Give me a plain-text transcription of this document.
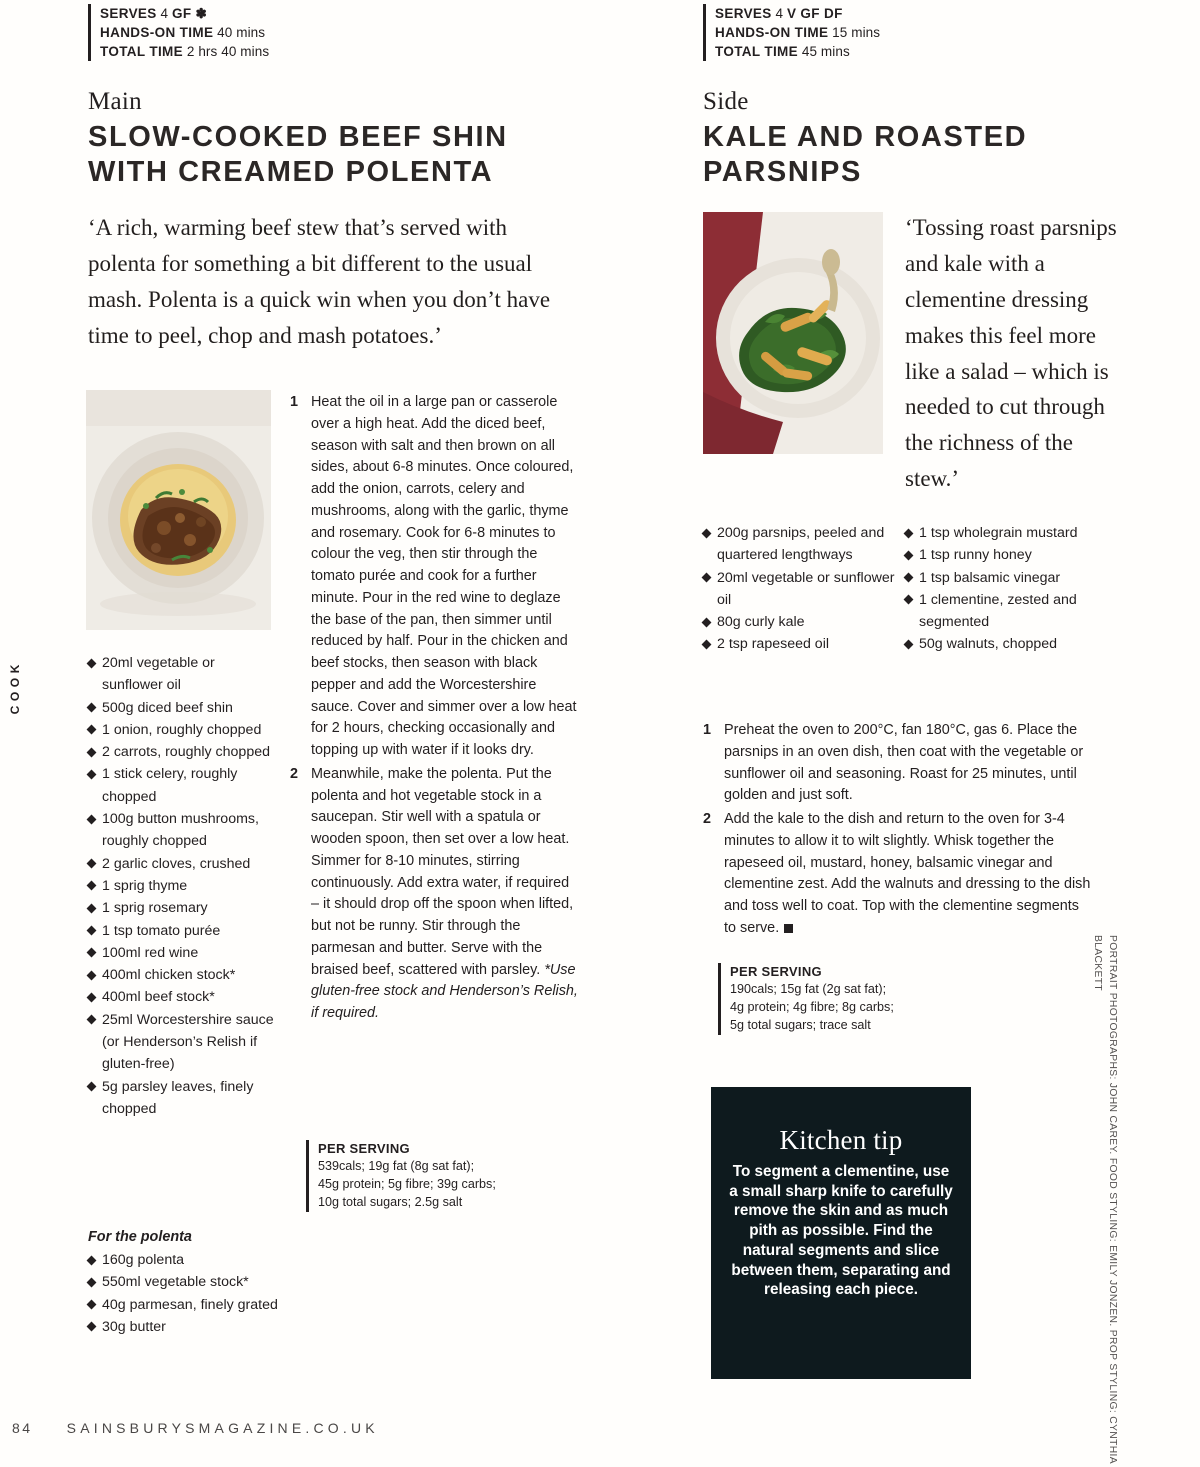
SERVES 4 GF ✽
HANDS-ON TIME 40 mins
TOTAL TIME 2 hrs 40 mins
SERVES 4 V GF DF
HANDS-ON TIME 15 mins
TOTAL TIME 45 mins
Main
SLOW-COOKED BEEF SHIN WITH CREAMED POLENTA
Side
KALE AND ROASTED PARSNIPS

‘A rich, warming beef stew that’s served with polenta for something a bit different to the usual mash. Polenta is a quick win when you don’t have time to peel, chop and mash potatoes.’

‘Tossing roast parsnips and kale with a clementine dressing makes this feel more like a salad – which is needed to cut through the richness of the stew.’

20ml vegetable or sunflower oil
500g diced beef shin
1 onion, roughly chopped
2 carrots, roughly chopped
1 stick celery, roughly chopped
100g button mushrooms, roughly chopped
2 garlic cloves, crushed
1 sprig thyme
1 sprig rosemary
1 tsp tomato purée
100ml red wine
400ml chicken stock*
400ml beef stock*
25ml Worcestershire sauce (or Henderson’s Relish if gluten-free)
5g parsley leaves, finely chopped
For the polenta
160g polenta
550ml vegetable stock*
40g parmesan, finely grated
30g butter
1 Heat the oil in a large pan or casserole over a high heat. Add the diced beef, season with salt and then brown on all sides, about 6-8 minutes. Once coloured, add the onion, carrots, celery and mushrooms, along with the garlic, thyme and rosemary. Cook for 6-8 minutes to colour the veg, then stir through the tomato purée and cook for a further minute. Pour in the red wine to deglaze the base of the pan, then simmer until reduced by half. Pour in the chicken and beef stocks, then season with black pepper and add the Worcestershire sauce. Cover and simmer over a low heat for 2 hours, checking occasionally and topping up with water if it looks dry.
2 Meanwhile, make the polenta. Put the polenta and hot vegetable stock in a saucepan. Stir well with a spatula or wooden spoon, then set over a low heat. Simmer for 8-10 minutes, stirring continuously. Add extra water, if required – it should drop off the spoon when lifted, but not be runny. Stir through the parmesan and butter. Serve with the braised beef, scattered with parsley. *Use gluten-free stock and Henderson’s Relish, if required.
PER SERVING
539cals; 19g fat (8g sat fat);
45g protein; 5g fibre; 39g carbs;
10g total sugars; 2.5g salt
200g parsnips, peeled and quartered lengthways
20ml vegetable or sunflower oil
80g curly kale
2 tsp rapeseed oil
1 tsp wholegrain mustard
1 tsp runny honey
1 tsp balsamic vinegar
1 clementine, zested and segmented
50g walnuts, chopped
1 Preheat the oven to 200°C, fan 180°C, gas 6. Place the parsnips in an oven dish, then coat with the vegetable or sunflower oil and seasoning. Roast for 25 minutes, until golden and just soft.
2 Add the kale to the dish and return to the oven for 3-4 minutes to allow it to wilt slightly. Whisk together the rapeseed oil, mustard, honey, balsamic vinegar and clementine zest. Add the walnuts and dressing to the dish and toss well to coat. Top with the clementine segments to serve.
PER SERVING
190cals; 15g fat (2g sat fat);
4g protein; 4g fibre; 8g carbs;
5g total sugars; trace salt
Kitchen tip
To segment a clementine, use a small sharp knife to carefully remove the skin and as much pith as possible. Find the natural segments and slice between them, separating and releasing each piece.
COOK
PORTRAIT PHOTOGRAPHS: JOHN CAREY. FOOD STYLING: EMILY JONZEN. PROP STYLING: CYNTHIA BLACKETT
84 SAINSBURYSMAGAZINE.CO.UK
